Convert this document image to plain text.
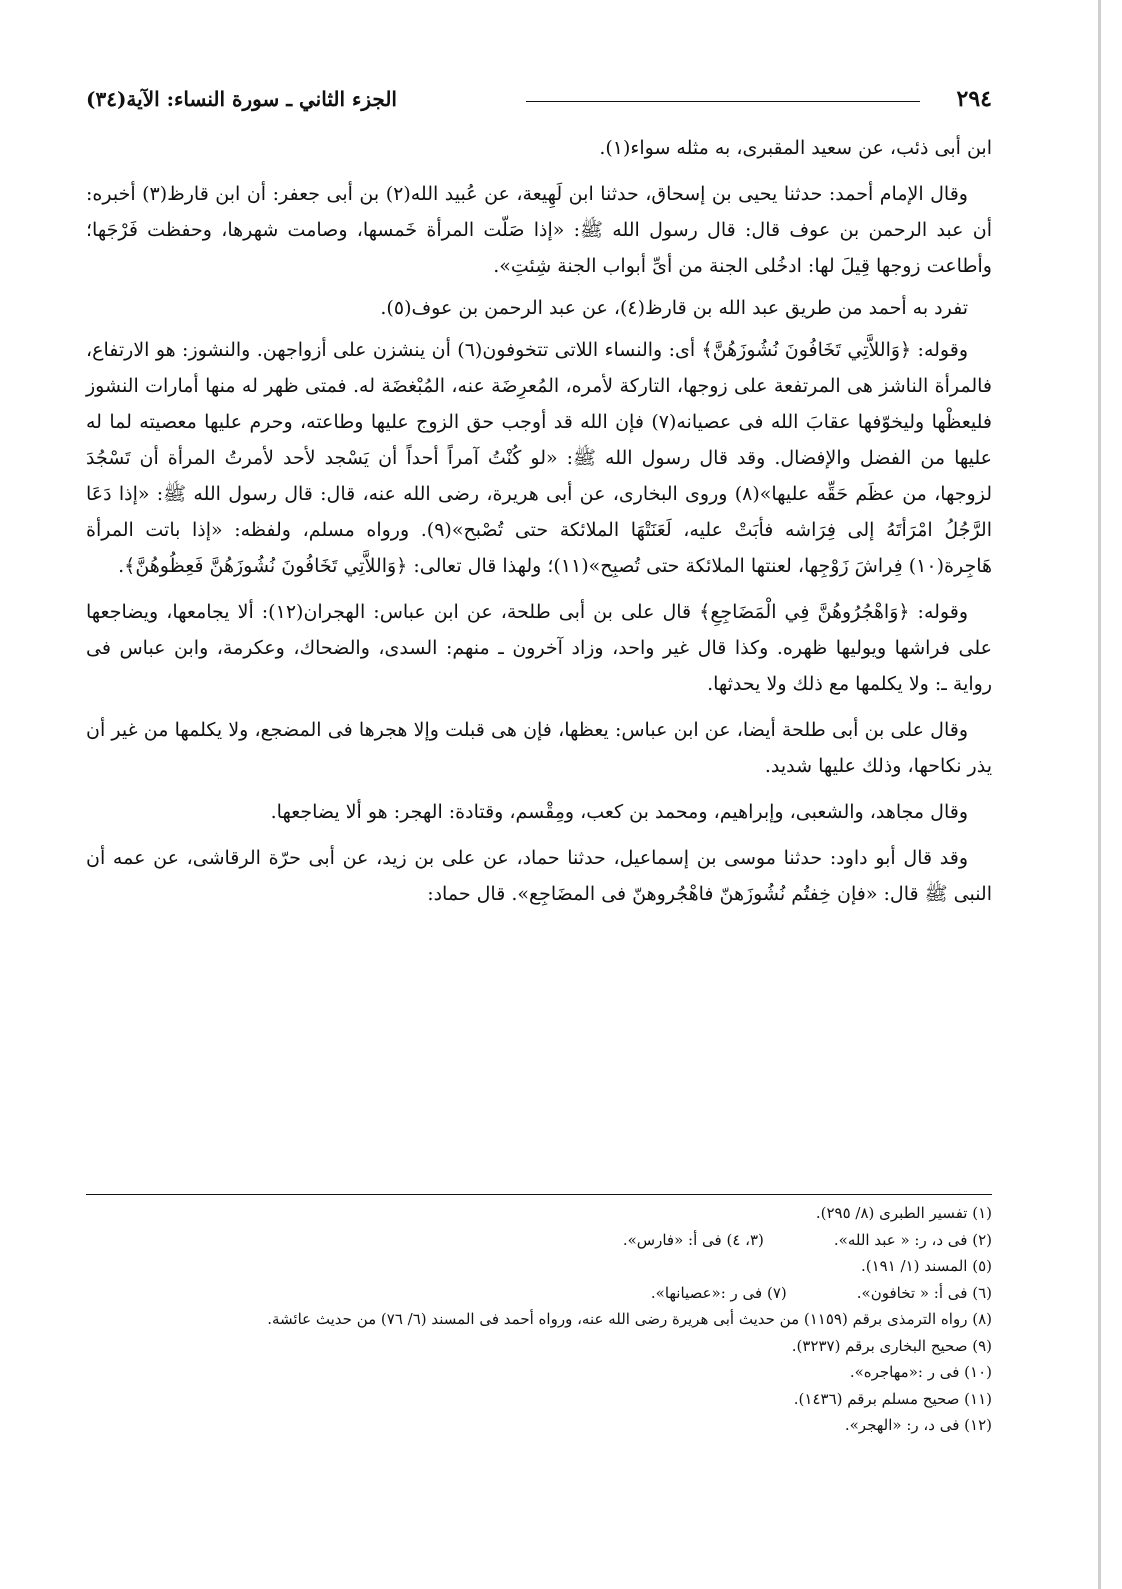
٢٩٤
الجزء الثاني ـ سورة النساء: الآية(٣٤)

ابن أبى ذئب، عن سعيد المقبرى، به مثله سواء(١).

وقال الإمام أحمد: حدثنا يحيى بن إسحاق، حدثنا ابن لَهِيعة، عن عُبيد الله(٢) بن أبى جعفر: أن ابن قارظ(٣) أخبره: أن عبد الرحمن بن عوف قال: قال رسول الله ﷺ: «إذا صَلّت المرأة خَمسها، وصامت شهرها، وحفظت فَرْجَها؛ وأطاعت زوجها قِيلَ لها: ادخُلى الجنة من أىِّ أبواب الجنة شِئتِ».

تفرد به أحمد من طريق عبد الله بن قارظ(٤)، عن عبد الرحمن بن عوف(٥).

وقوله: ﴿وَاللاَّتِي تَخَافُونَ نُشُوزَهُنَّ﴾ أى: والنساء اللاتى تتخوفون(٦) أن ينشزن على أزواجهن. والنشوز: هو الارتفاع، فالمرأة الناشز هى المرتفعة على زوجها، التاركة لأمره، المُعرِضَة عنه، المُبْغضَة له. فمتى ظهر له منها أمارات النشوز فليعظْها وليخوّفها عقابَ الله فى عصيانه(٧) فإن الله قد أوجب حق الزوج عليها وطاعته، وحرم عليها معصيته لما له عليها من الفضل والإفضال. وقد قال رسول الله ﷺ: «لو كُنْتُ آمراً أحداً أن يَسْجد لأحد لأمرتُ المرأة أن تَسْجُدَ لزوجها، من عظَم حَقِّه عليها»(٨) وروى البخارى، عن أبى هريرة، رضى الله عنه، قال: قال رسول الله ﷺ: «إذا دَعَا الرَّجُلُ امْرَأتَهُ إلى فِرَاشه فأبَتْ عليه، لَعَنَتْهَا الملائكة حتى تُصْبح»(٩). ورواه مسلم، ولفظه: «إذا باتت المرأة هَاجِرة(١٠) فِراشَ زَوْجِها، لعنتها الملائكة حتى تُصبِح»(١١)؛ ولهذا قال تعالى: ﴿وَاللاَّتِي تَخَافُونَ نُشُوزَهُنَّ فَعِظُوهُنَّ﴾.

وقوله: ﴿وَاهْجُرُوهُنَّ فِي الْمَضَاجِعِ﴾ قال على بن أبى طلحة، عن ابن عباس: الهجران(١٢): ألا يجامعها، ويضاجعها على فراشها ويوليها ظهره. وكذا قال غير واحد، وزاد آخرون ـ منهم: السدى، والضحاك، وعكرمة، وابن عباس فى رواية ـ: ولا يكلمها مع ذلك ولا يحدثها.

وقال على بن أبى طلحة أيضا، عن ابن عباس: يعظها، فإن هى قبلت وإلا هجرها فى المضجع، ولا يكلمها من غير أن يذر نكاحها، وذلك عليها شديد.

وقال مجاهد، والشعبى، وإبراهيم، ومحمد بن كعب، ومِقْسم، وقتادة: الهجر: هو ألا يضاجعها.

وقد قال أبو داود: حدثنا موسى بن إسماعيل، حدثنا حماد، عن على بن زيد، عن أبى حرّة الرقاشى، عن عمه أن النبى ﷺ قال: «فإن خِفتُم نُشُوزَهنّ فاهْجُروهنّ فى المضَاجِع». قال حماد:

(١) تفسير الطبرى (٨/ ٢٩٥).

(٢) فى د، ر: « عبد الله».

(٣، ٤) فى أ: «فارس».

(٥) المسند (١/ ١٩١).

(٦) فى أ: « تخافون».

(٧) فى ر :«عصيانها».

(٨) رواه الترمذى برقم (١١٥٩) من حديث أبى هريرة رضى الله عنه، ورواه أحمد فى المسند (٦/ ٧٦) من حديث عائشة.

(٩) صحيح البخارى برقم (٣٢٣٧).

(١٠) فى ر :«مهاجره».

(١١) صحيح مسلم برقم (١٤٣٦).

(١٢) فى د، ر: «الهجر».
